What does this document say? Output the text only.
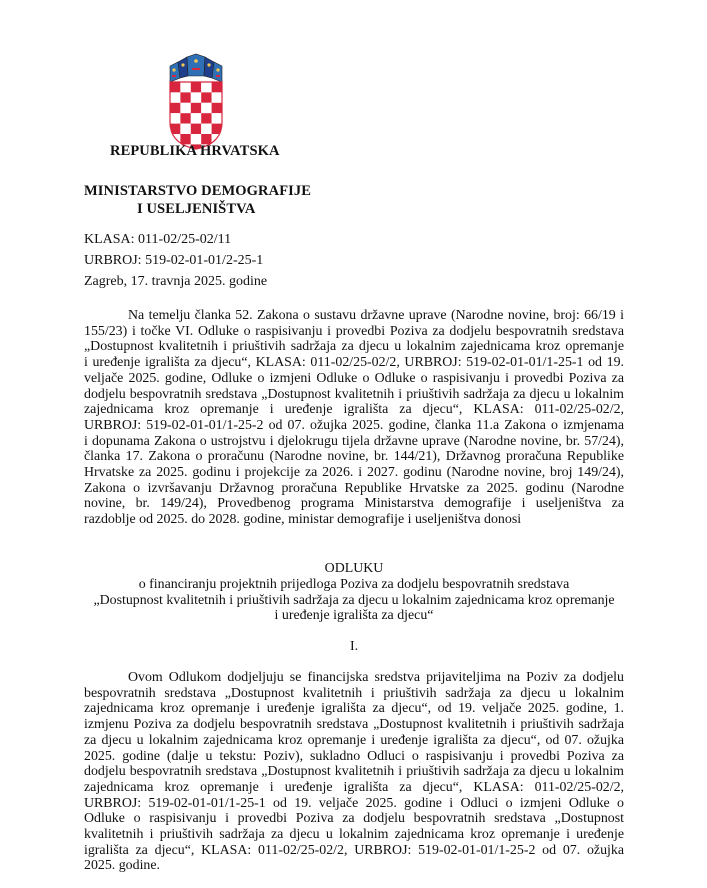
REPUBLIKA HRVATSKA
MINISTARSTVO DEMOGRAFIJE
I USELJENIŠTVA
KLASA: 011-02/25-02/11
URBROJ: 519-02-01-01/2-25-1
Zagreb, 17. travnja 2025. godine
Na temelju članka 52. Zakona o sustavu državne uprave (Narodne novine, broj: 66/19 i
155/23) i točke VI. Odluke o raspisivanju i provedbi Poziva za dodjelu bespovratnih sredstava
„Dostupnost kvalitetnih i priuštivih sadržaja za djecu u lokalnim zajednicama kroz opremanje
i uređenje igrališta za djecu“, KLASA: 011-02/25-02/2, URBROJ: 519-02-01-01/1-25-1 od 19.
veljače 2025. godine, Odluke o izmjeni Odluke o Odluke o raspisivanju i provedbi Poziva za
dodjelu bespovratnih sredstava „Dostupnost kvalitetnih i priuštivih sadržaja za djecu u lokalnim
zajednicama kroz opremanje i uređenje igrališta za djecu“, KLASA: 011-02/25-02/2,
URBROJ: 519-02-01-01/1-25-2 od 07. ožujka 2025. godine, članka 11.a Zakona o izmjenama
i dopunama Zakona o ustrojstvu i djelokrugu tijela državne uprave (Narodne novine, br. 57/24),
članka 17. Zakona o proračunu (Narodne novine, br. 144/21), Državnog proračuna Republike
Hrvatske za 2025. godinu i projekcije za 2026. i 2027. godinu (Narodne novine, broj 149/24),
Zakona o izvršavanju Državnog proračuna Republike Hrvatske za 2025. godinu (Narodne
novine, br. 149/24), Provedbenog programa Ministarstva demografije i useljeništva za
razdoblje od 2025. do 2028. godine, ministar demografije i useljeništva donosi
ODLUKU
o financiranju projektnih prijedloga Poziva za dodjelu bespovratnih sredstava
„Dostupnost kvalitetnih i priuštivih sadržaja za djecu u lokalnim zajednicama kroz opremanje
i uređenje igrališta za djecu“
I.
Ovom Odlukom dodjeljuju se financijska sredstva prijaviteljima na Poziv za dodjelu
bespovratnih sredstava „Dostupnost kvalitetnih i priuštivih sadržaja za djecu u lokalnim
zajednicama kroz opremanje i uređenje igrališta za djecu“, od 19. veljače 2025. godine, 1.
izmjenu Poziva za dodjelu bespovratnih sredstava „Dostupnost kvalitetnih i priuštivih sadržaja
za djecu u lokalnim zajednicama kroz opremanje i uređenje igrališta za djecu“, od 07. ožujka
2025. godine (dalje u tekstu: Poziv), sukladno Odluci o raspisivanju i provedbi Poziva za
dodjelu bespovratnih sredstava „Dostupnost kvalitetnih i priuštivih sadržaja za djecu u lokalnim
zajednicama kroz opremanje i uređenje igrališta za djecu“, KLASA: 011-02/25-02/2,
URBROJ: 519-02-01-01/1-25-1 od 19. veljače 2025. godine i Odluci o izmjeni Odluke o
Odluke o raspisivanju i provedbi Poziva za dodjelu bespovratnih sredstava „Dostupnost
kvalitetnih i priuštivih sadržaja za djecu u lokalnim zajednicama kroz opremanje i uređenje
igrališta za djecu“, KLASA: 011-02/25-02/2, URBROJ: 519-02-01-01/1-25-2 od 07. ožujka
2025. godine.
